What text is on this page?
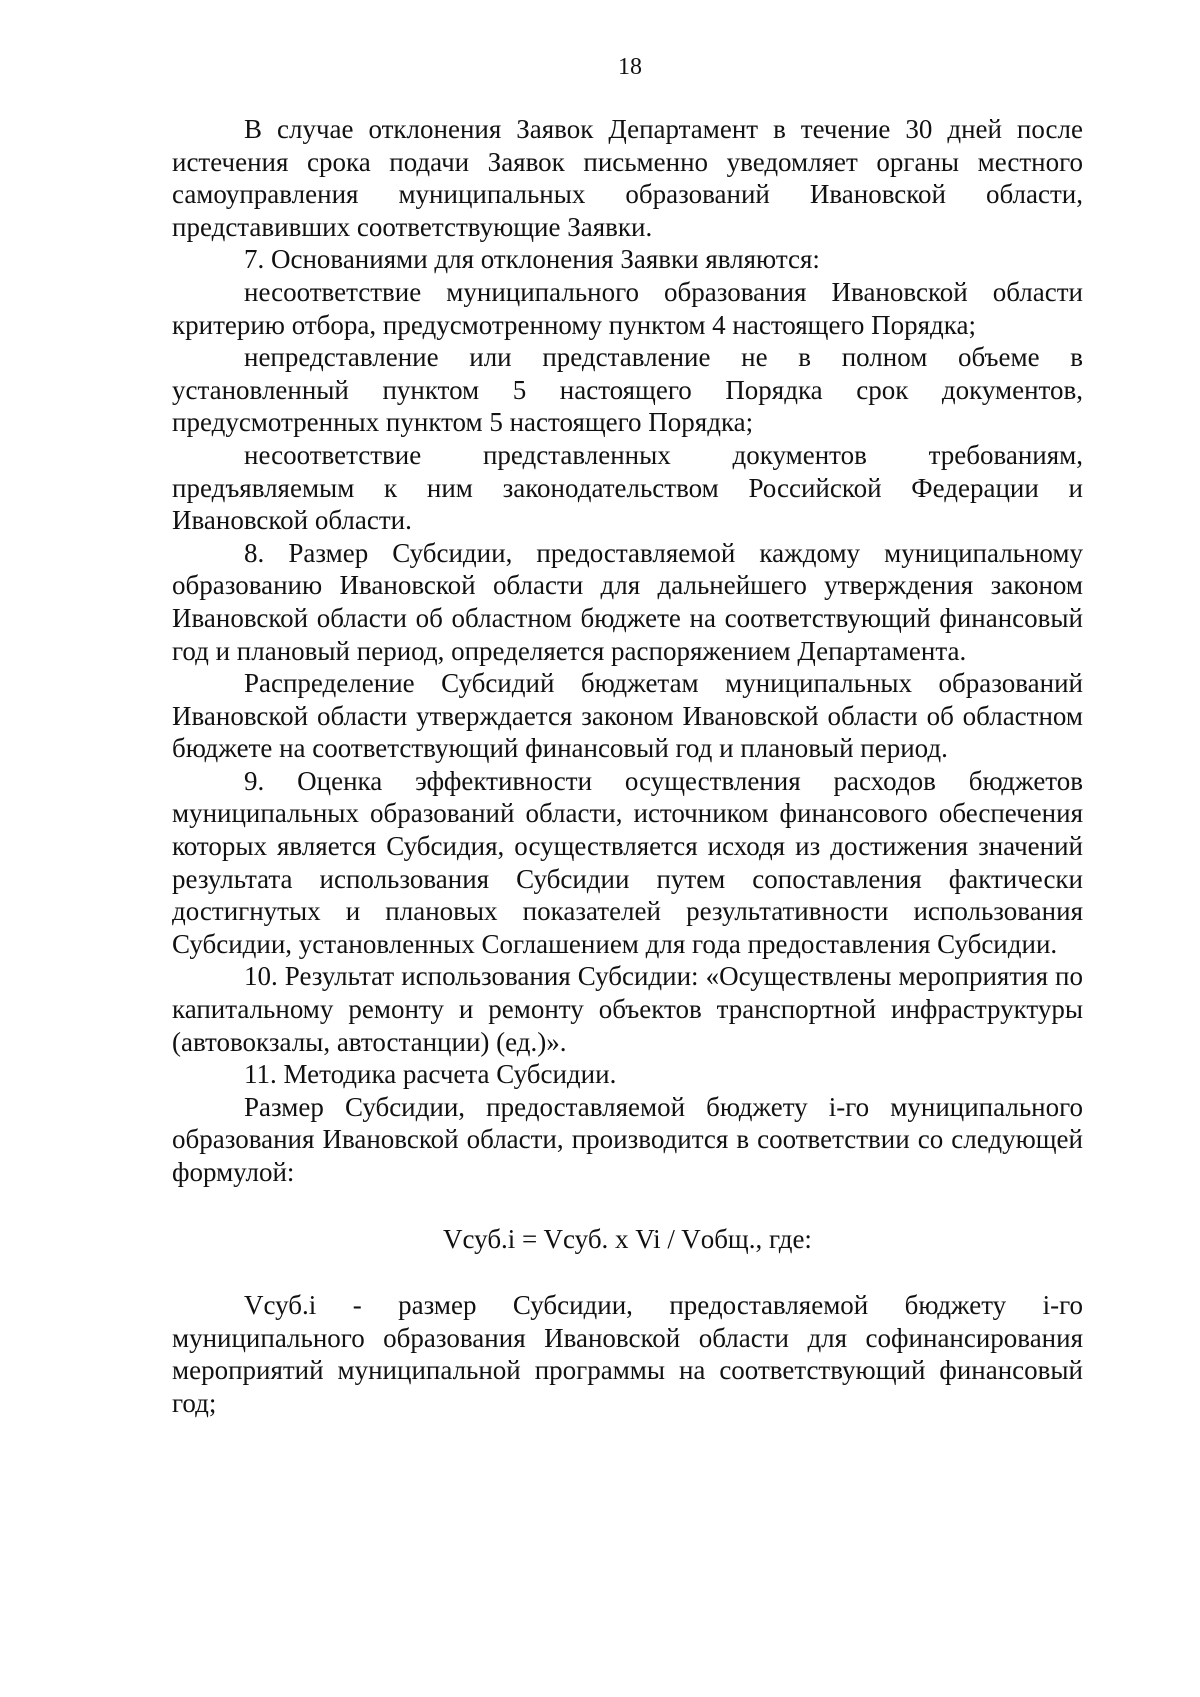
18

В случае отклонения Заявок Департамент в течение 30 дней после истечения срока подачи Заявок письменно уведомляет органы местного самоуправления муниципальных образований Ивановской области, представивших соответствующие Заявки.

7. Основаниями для отклонения Заявки являются:

несоответствие муниципального образования Ивановской области критерию отбора, предусмотренному пунктом 4 настоящего Порядка;

непредставление или представление не в полном объеме в установленный пунктом 5 настоящего Порядка срок документов, предусмотренных пунктом 5 настоящего Порядка;

несоответствие представленных документов требованиям, предъявляемым к ним законодательством Российской Федерации и Ивановской области.

8. Размер Субсидии, предоставляемой каждому муниципальному образованию Ивановской области для дальнейшего утверждения законом Ивановской области об областном бюджете на соответствующий финансовый год и плановый период, определяется распоряжением Департамента.

Распределение Субсидий бюджетам муниципальных образований Ивановской области утверждается законом Ивановской области об областном бюджете на соответствующий финансовый год и плановый период.

9. Оценка эффективности осуществления расходов бюджетов муниципальных образований области, источником финансового обеспечения которых является Субсидия, осуществляется исходя из достижения значений результата использования Субсидии путем сопоставления фактически достигнутых и плановых показателей результативности использования Субсидии, установленных Соглашением для года предоставления Субсидии.

10. Результат использования Субсидии: «Осуществлены мероприятия по капитальному ремонту и ремонту объектов транспортной инфраструктуры (автовокзалы, автостанции) (ед.)».

11. Методика расчета Субсидии.

Размер Субсидии, предоставляемой бюджету i-го муниципального образования Ивановской области, производится в соответствии со следующей формулой:

Vсуб.i = Vсуб. х Vi / Vобщ., где:

Vсуб.i - размер Субсидии, предоставляемой бюджету i-го муниципального образования Ивановской области для софинансирования мероприятий муниципальной программы на соответствующий финансовый год;
